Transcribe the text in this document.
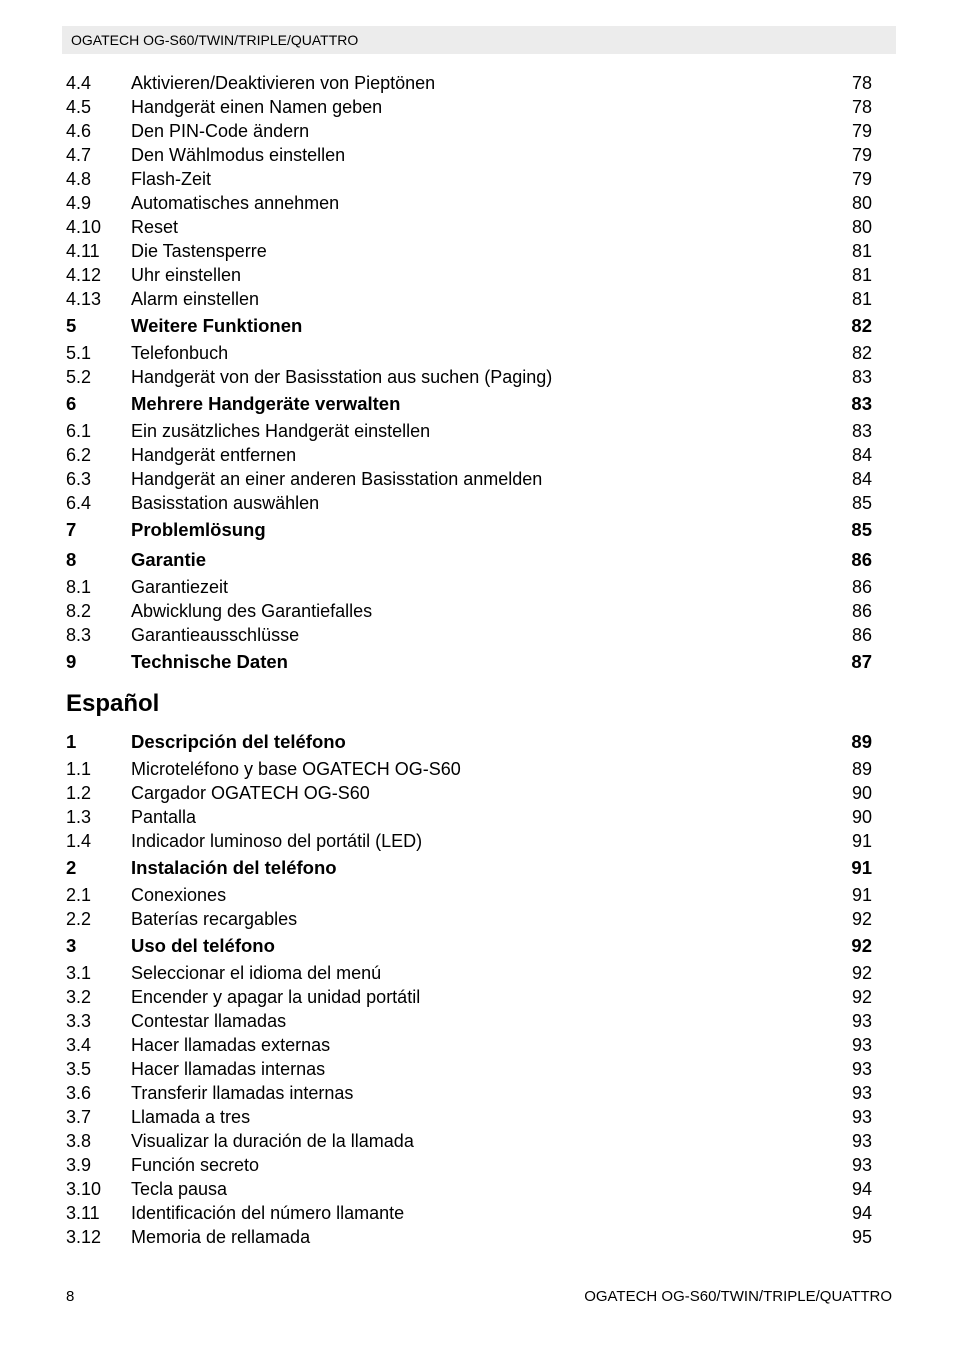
OGATECH OG-S60/TWIN/TRIPLE/QUATTRO
4.4 Aktivieren/Deaktivieren von Pieptönen	78
4.5 Handgerät einen Namen geben	78
4.6 Den PIN-Code ändern	79
4.7 Den Wählmodus einstellen	79
4.8 Flash-Zeit	79
4.9 Automatisches annehmen	80
4.10 Reset	80
4.11 Die Tastensperre	81
4.12 Uhr einstellen	81
4.13 Alarm einstellen	81
5	Weitere Funktionen	82
5.1 Telefonbuch	82
5.2 Handgerät von der Basisstation aus suchen (Paging)	83
6	Mehrere Handgeräte verwalten	83
6.1 Ein zusätzliches Handgerät einstellen	83
6.2 Handgerät entfernen	84
6.3 Handgerät an einer anderen Basisstation anmelden	84
6.4 Basisstation auswählen	85
7	Problemlösung	85
8	Garantie	86
8.1 Garantiezeit	86
8.2 Abwicklung des Garantiefalles	86
8.3 Garantieausschlüsse	86
9	Technische Daten	87
Español
1	Descripción del teléfono	89
1.1 Microteléfono y base OGATECH OG-S60	89
1.2 Cargador OGATECH OG-S60	90
1.3 Pantalla	90
1.4 Indicador luminoso del portátil (LED)	91
2	Instalación del teléfono	91
2.1 Conexiones	91
2.2 Baterías recargables	92
3	Uso del teléfono	92
3.1 Seleccionar el idioma del menú	92
3.2 Encender y apagar la unidad portátil	92
3.3 Contestar llamadas	93
3.4 Hacer llamadas externas	93
3.5 Hacer llamadas internas	93
3.6 Transferir llamadas internas	93
3.7 Llamada a tres	93
3.8 Visualizar la duración de la llamada	93
3.9 Función secreto	93
3.10 Tecla pausa	94
3.11 Identificación del número llamante	94
3.12 Memoria de rellamada	95
8	OGATECH OG-S60/TWIN/TRIPLE/QUATTRO
